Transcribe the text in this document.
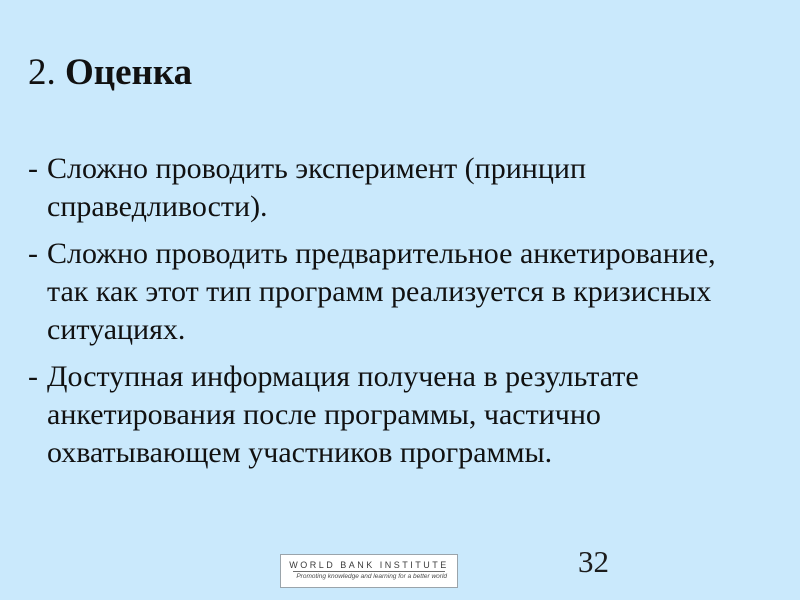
2. Оценка
- Сложно проводить эксперимент (принцип справедливости).
- Сложно проводить предварительное анкетирование, так как этот тип программ реализуется в кризисных ситуациях.
- Доступная информация получена в результате анкетирования после программы, частично охватывающем участников программы.
WORLD BANK INSTITUTE
Promoting knowledge and learning for a better world	32
